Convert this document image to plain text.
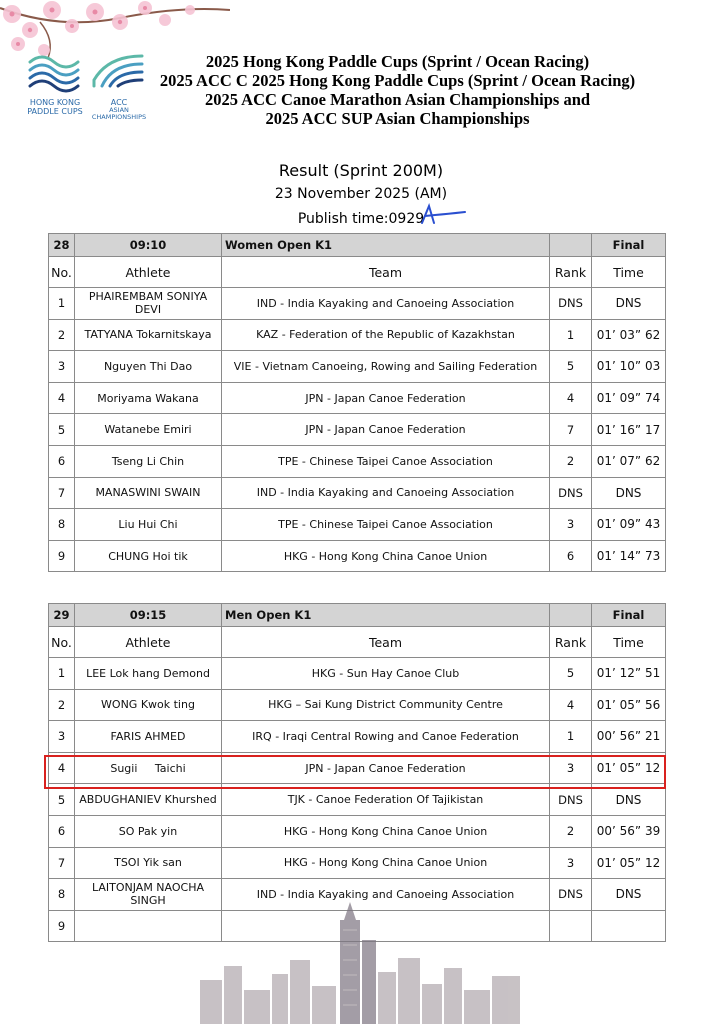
HONG KONG
PADDLE CUPS
ACC
ASIAN CHAMPIONSHIPS
2025 Hong Kong Paddle Cups (Sprint / Ocean Racing)
2025 ACC C 2025 Hong Kong Paddle Cups (Sprint / Ocean Racing)
2025 ACC Canoe Marathon Asian Championships and
2025 ACC SUP Asian Championships
Result (Sprint 200M)
23 November 2025 (AM)
Publish time:0929
28	09:10	Women Open K1		Final
No.	Athlete	Team	Rank	Time
1	PHAIREMBAM SONIYA DEVI	IND - India Kayaking and Canoeing Association	DNS	DNS
2	TATYANA Tokarnitskaya	KAZ - Federation of the Republic of Kazakhstan	1	01’ 03” 62
3	Nguyen Thi Dao	VIE - Vietnam Canoeing, Rowing and Sailing Federation	5	01’ 10” 03
4	Moriyama Wakana	JPN - Japan Canoe Federation	4	01’ 09” 74
5	Watanebe Emiri	JPN - Japan Canoe Federation	7	01’ 16” 17
6	Tseng Li Chin	TPE - Chinese Taipei Canoe Association	2	01’ 07” 62
7	MANASWINI SWAIN	IND - India Kayaking and Canoeing Association	DNS	DNS
8	Liu Hui Chi	TPE - Chinese Taipei Canoe Association	3	01’ 09” 43
9	CHUNG Hoi tik	HKG - Hong Kong China Canoe Union	6	01’ 14” 73
29	09:15	Men Open K1		Final
No.	Athlete	Team	Rank	Time
1	LEE Lok hang Demond	HKG - Sun Hay Canoe Club	5	01’ 12” 51
2	WONG Kwok ting	HKG – Sai Kung District Community Centre	4	01’ 05” 56
3	FARIS AHMED	IRQ - Iraqi Central Rowing and Canoe Federation	1	00’ 56” 21
4	Sugii     Taichi	JPN - Japan Canoe Federation	3	01’ 05” 12
5	ABDUGHANIEV Khurshed	TJK - Canoe Federation Of Tajikistan	DNS	DNS
6	SO Pak yin	HKG - Hong Kong China Canoe Union	2	00’ 56” 39
7	TSOI Yik san	HKG - Hong Kong China Canoe Union	3	01’ 05” 12
8	LAITONJAM NAOCHA SINGH	IND - India Kayaking and Canoeing Association	DNS	DNS
9				
